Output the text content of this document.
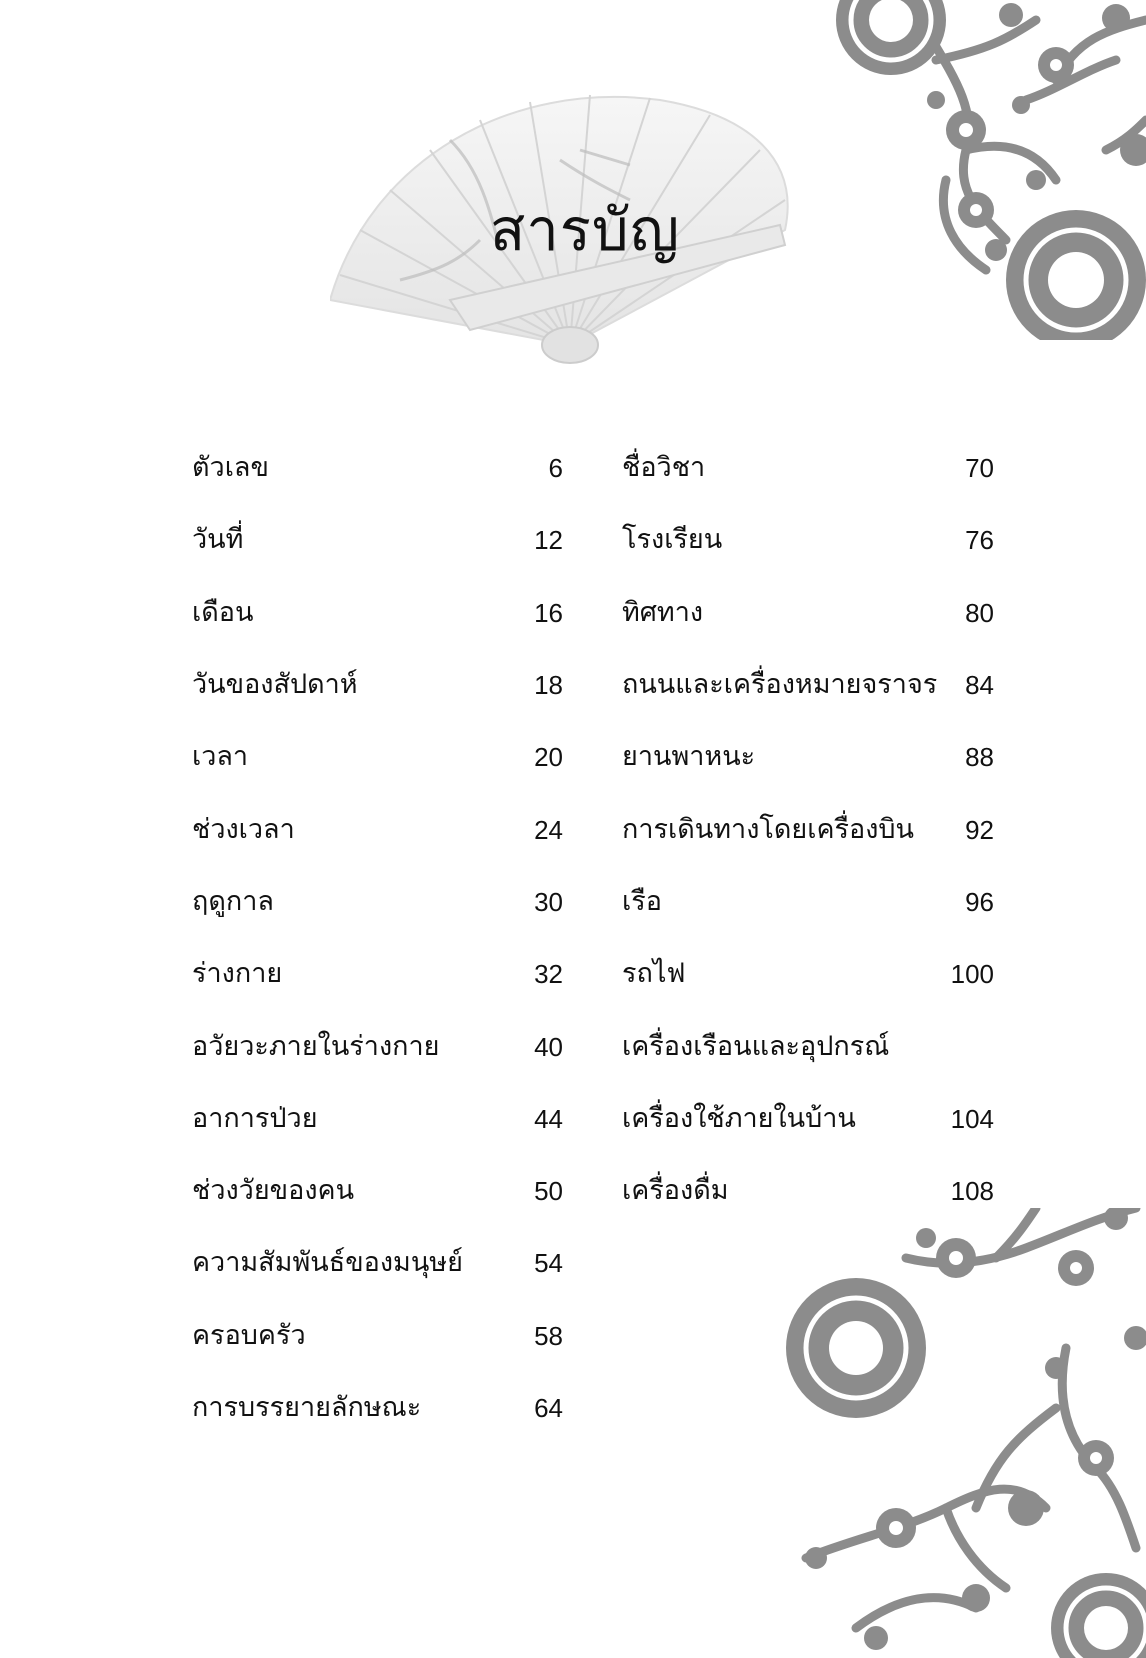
สารบัญ
ตัวเลข	6
วันที่	12
เดือน	16
วันของสัปดาห์	18
เวลา	20
ช่วงเวลา	24
ฤดูกาล	30
ร่างกาย	32
อวัยวะภายในร่างกาย	40
อาการป่วย	44
ช่วงวัยของคน	50
ความสัมพันธ์ของมนุษย์	54
ครอบครัว	58
การบรรยายลักษณะ	64
ชื่อวิชา	70
โรงเรียน	76
ทิศทาง	80
ถนนและเครื่องหมายจราจร	84
ยานพาหนะ	88
การเดินทางโดยเครื่องบิน	92
เรือ	96
รถไฟ	100
เครื่องเรือนและอุปกรณ์
เครื่องใช้ภายในบ้าน	104
เครื่องดื่ม	108
